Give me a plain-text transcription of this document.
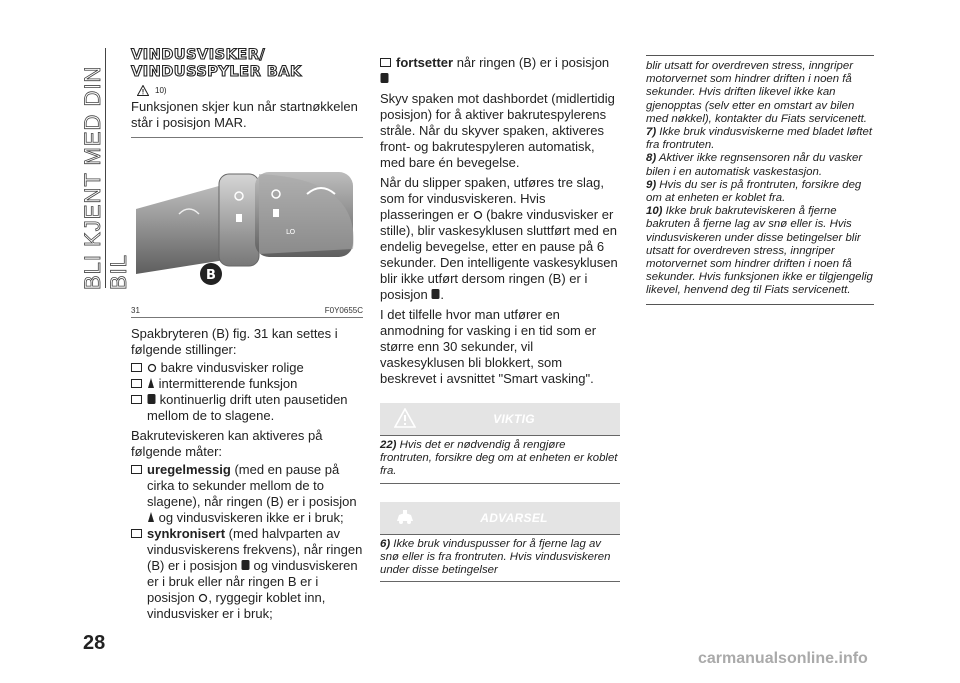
BLI KJENT MED DIN BIL
28
VINDUSVISKER/
VINDUSSPYLER BAK
10)

Funksjonen skjer kun når startnøkkelen står i posisjon MAR.

LO
B
31	F0Y0655C

Spakbryteren (B) fig. 31 kan settes i følgende stillinger:

bakre vindusvisker rolige
intermitterende funksjon
kontinuerlig drift uten pausetiden mellom de to slagene.

Bakruteviskeren kan aktiveres på følgende måter:

uregelmessig (med en pause på cirka to sekunder mellom de to slagene), når ringen (B) er i posisjon  og vindusviskeren ikke er i bruk;
synkronisert (med halvparten av vindusviskerens frekvens), når ringen (B) er i posisjon  og vindusviskeren er i bruk eller når ringen B er i posisjon , ryggegir koblet inn, vindusvisker er i bruk;
fortsetter når ringen (B) er i posisjon

Skyv spaken mot dashbordet (midlertidig posisjon) for å aktiver bakrutespylerens stråle. Når du skyver spaken, aktiveres front- og bakrutespyleren automatisk, med bare én bevegelse.

Når du slipper spaken, utføres tre slag, som for vindusviskeren. Hvis plasseringen er  (bakre vindusvisker er stille), blir vaskesyklusen sluttført med en endelig bevegelse, etter en pause på 6 sekunder. Den intelligente vaskesyklusen blir ikke utført dersom ringen (B) er i posisjon .

I det tilfelle hvor man utfører en anmodning for vasking i en tid som er større enn 30 sekunder, vil vaskesyklusen bli blokkert, som beskrevet i avsnittet "Smart vasking".

VIKTIG

22) Hvis det er nødvendig å rengjøre frontruten, forsikre deg om at enheten er koblet fra.

ADVARSEL

6) Ikke bruk vinduspusser for å fjerne lag av snø eller is fra frontruten. Hvis vindusviskeren under disse betingelser

blir utsatt for overdreven stress, inngriper motorvernet som hindrer driften i noen få sekunder. Hvis driften likevel ikke kan gjenopptas (selv etter en omstart av bilen med nøkkel), kontakter du Fiats servicenett.

7) Ikke bruk vindusviskerne med bladet løftet fra frontruten.

8) Aktiver ikke regnsensoren når du vasker bilen i en automatisk vaskestasjon.

9) Hvis du ser is på frontruten, forsikre deg om at enheten er koblet fra.

10) Ikke bruk bakruteviskeren å fjerne bakruten å fjerne lag av snø eller is. Hvis vindusviskeren under disse betingelser blir utsatt for overdreven stress, inngriper motorvernet som hindrer driften i noen få sekunder. Hvis funksjonen ikke er tilgjengelig likevel, henvend deg til Fiats servicenett.

carmanualsonline.info
